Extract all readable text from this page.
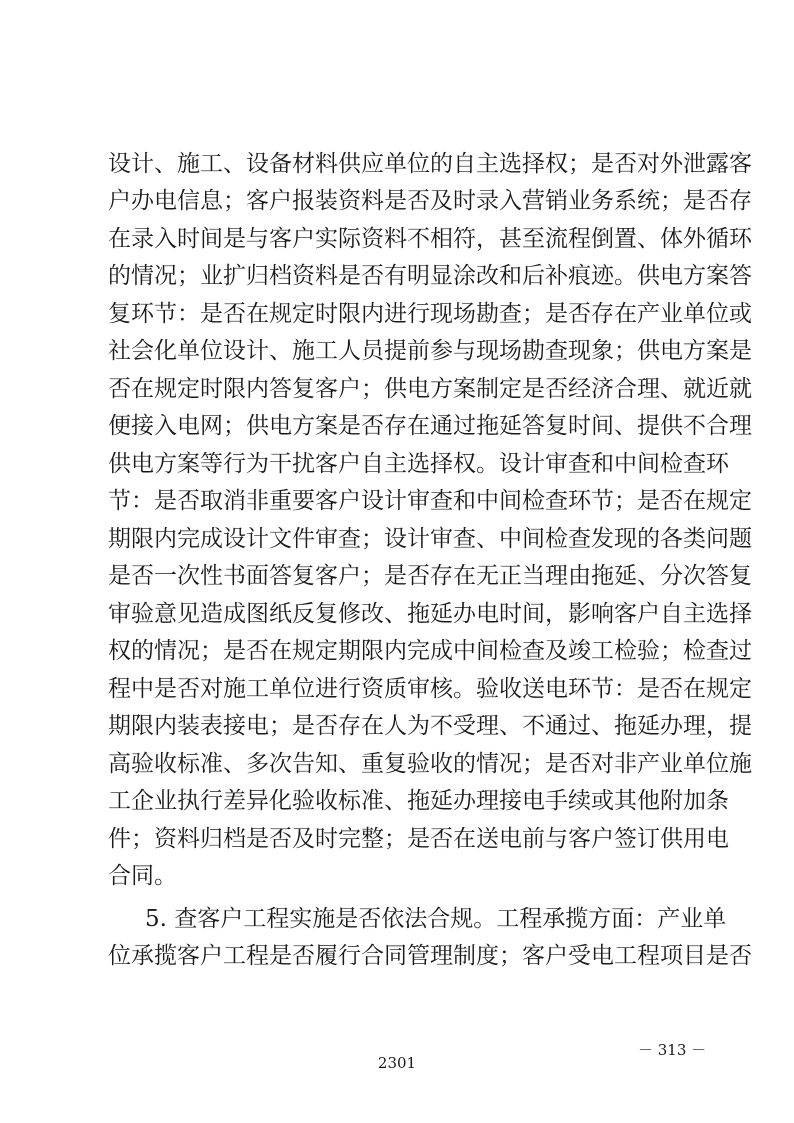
设计、施工、设备材料供应单位的自主选择权；是否对外泄露客
户办电信息；客户报装资料是否及时录入营销业务系统；是否存
在录入时间是与客户实际资料不相符，甚至流程倒置、体外循环
的情况；业扩归档资料是否有明显涂改和后补痕迹。供电方案答
复环节：是否在规定时限内进行现场勘查；是否存在产业单位或
社会化单位设计、施工人员提前参与现场勘查现象；供电方案是
否在规定时限内答复客户；供电方案制定是否经济合理、就近就
便接入电网；供电方案是否存在通过拖延答复时间、提供不合理
供电方案等行为干扰客户自主选择权。设计审查和中间检查环
节：是否取消非重要客户设计审查和中间检查环节；是否在规定
期限内完成设计文件审查；设计审查、中间检查发现的各类问题
是否一次性书面答复客户；是否存在无正当理由拖延、分次答复
审验意见造成图纸反复修改、拖延办电时间，影响客户自主选择
权的情况；是否在规定期限内完成中间检查及竣工检验；检查过
程中是否对施工单位进行资质审核。验收送电环节：是否在规定
期限内装表接电；是否存在人为不受理、不通过、拖延办理，提
高验收标准、多次告知、重复验收的情况；是否对非产业单位施
工企业执行差异化验收标准、拖延办理接电手续或其他附加条
件；资料归档是否及时完整；是否在送电前与客户签订供用电
合同。
5. 查客户工程实施是否依法合规。工程承揽方面：产业单
位承揽客户工程是否履行合同管理制度；客户受电工程项目是否
－ 313 －
2301
